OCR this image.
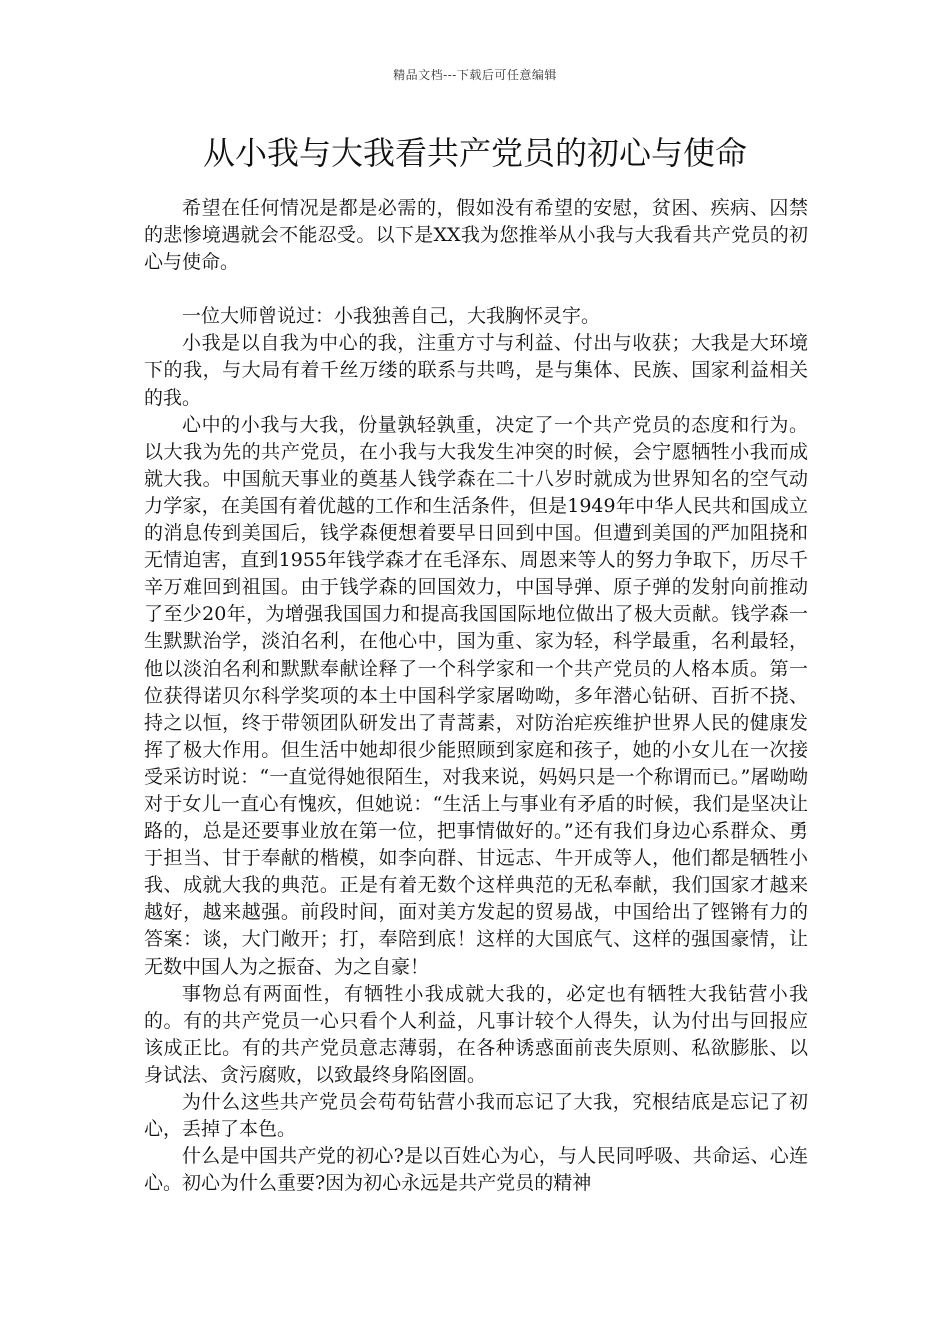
精品文档---下载后可任意编辑
从小我与大我看共产党员的初心与使命

希望在任何情况是都是必需的，假如没有希望的安慰，贫困、疾病、囚禁的悲惨境遇就会不能忍受。以下是XX我为您推举从小我与大我看共产党员的初心与使命。

一位大师曾说过：小我独善自己，大我胸怀灵宇。

小我是以自我为中心的我，注重方寸与利益、付出与收获；大我是大环境下的我，与大局有着千丝万缕的联系与共鸣，是与集体、民族、国家利益相关的我。

心中的小我与大我，份量孰轻孰重，决定了一个共产党员的态度和行为。以大我为先的共产党员，在小我与大我发生冲突的时候，会宁愿牺牲小我而成就大我。中国航天事业的奠基人钱学森在二十八岁时就成为世界知名的空气动力学家，在美国有着优越的工作和生活条件，但是1949年中华人民共和国成立的消息传到美国后，钱学森便想着要早日回到中国。但遭到美国的严加阻挠和无情迫害，直到1955年钱学森才在毛泽东、周恩来等人的努力争取下，历尽千辛万难回到祖国。由于钱学森的回国效力，中国导弹、原子弹的发射向前推动了至少20年，为增强我国国力和提高我国国际地位做出了极大贡献。钱学森一生默默治学，淡泊名利，在他心中，国为重、家为轻，科学最重，名利最轻，他以淡泊名利和默默奉献诠释了一个科学家和一个共产党员的人格本质。第一位获得诺贝尔科学奖项的本土中国科学家屠呦呦，多年潜心钻研、百折不挠、持之以恒，终于带领团队研发出了青蒿素，对防治疟疾维护世界人民的健康发挥了极大作用。但生活中她却很少能照顾到家庭和孩子，她的小女儿在一次接受采访时说：“一直觉得她很陌生，对我来说，妈妈只是一个称谓而已。”屠呦呦对于女儿一直心有愧疚，但她说：“生活上与事业有矛盾的时候，我们是坚决让路的，总是还要事业放在第一位，把事情做好的。”还有我们身边心系群众、勇于担当、甘于奉献的楷模，如李向群、甘远志、牛开成等人，他们都是牺牲小我、成就大我的典范。正是有着无数个这样典范的无私奉献，我们国家才越来越好，越来越强。前段时间，面对美方发起的贸易战，中国给出了铿锵有力的答案：谈，大门敞开；打，奉陪到底！这样的大国底气、这样的强国豪情，让无数中国人为之振奋、为之自豪！

事物总有两面性，有牺牲小我成就大我的，必定也有牺牲大我钻营小我的。有的共产党员一心只看个人利益，凡事计较个人得失，认为付出与回报应该成正比。有的共产党员意志薄弱，在各种诱惑面前丧失原则、私欲膨胀、以身试法、贪污腐败，以致最终身陷囹圄。

为什么这些共产党员会苟苟钻营小我而忘记了大我，究根结底是忘记了初心，丢掉了本色。

什么是中国共产党的初心?是以百姓心为心，与人民同呼吸、共命运、心连心。初心为什么重要?因为初心永远是共产党员的精神
